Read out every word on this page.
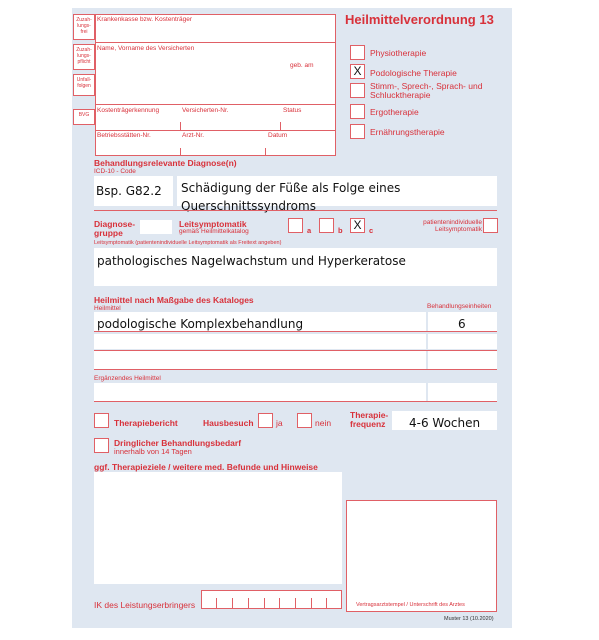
Zuzah-lungs-frei
Zuzah-lungs-pflicht
Unfall-folgen
BVG
Krankenkasse bzw. Kostenträger
Name, Vorname des Versicherten
geb. am
Kostenträgerkennung	Versicherten-Nr.	Status
Betriebsstätten-Nr.	Arzt-Nr.	Datum
Heilmittelverordnung 13
Physiotherapie
X	Podologische Therapie
Stimm-, Sprech-, Sprach- und Schlucktherapie
Ergotherapie
Ernährungstherapie
Behandlungsrelevante Diagnose(n)
ICD-10 - Code
Bsp. G82.2	Schädigung der Füße als Folge eines Querschnittssyndroms
Diagnose-gruppe
Leitsymptomatik
gemäß Heilmittelkatalog	a	b X	c
patientenindividuelle Leitsymptomatik
Leitsymptomatik (patientenindividuelle Leitsymptomatik als Freitext angeben)
pathologisches Nagelwachstum und Hyperkeratose
Heilmittel nach Maßgabe des Kataloges
Heilmittel	Behandlungseinheiten
podologische Komplexbehandlung	6
Ergänzendes Heilmittel
Therapiebericht	Hausbesuch	ja	nein
Therapie-frequenz	4-6 Wochen
Dringlicher Behandlungsbedarf
innerhalb von 14 Tagen
ggf. Therapieziele / weitere med. Befunde und Hinweise
Vertragsarztstempel / Unterschrift des Arztes
IK des Leistungserbringers
Muster 13 (10.2020)
